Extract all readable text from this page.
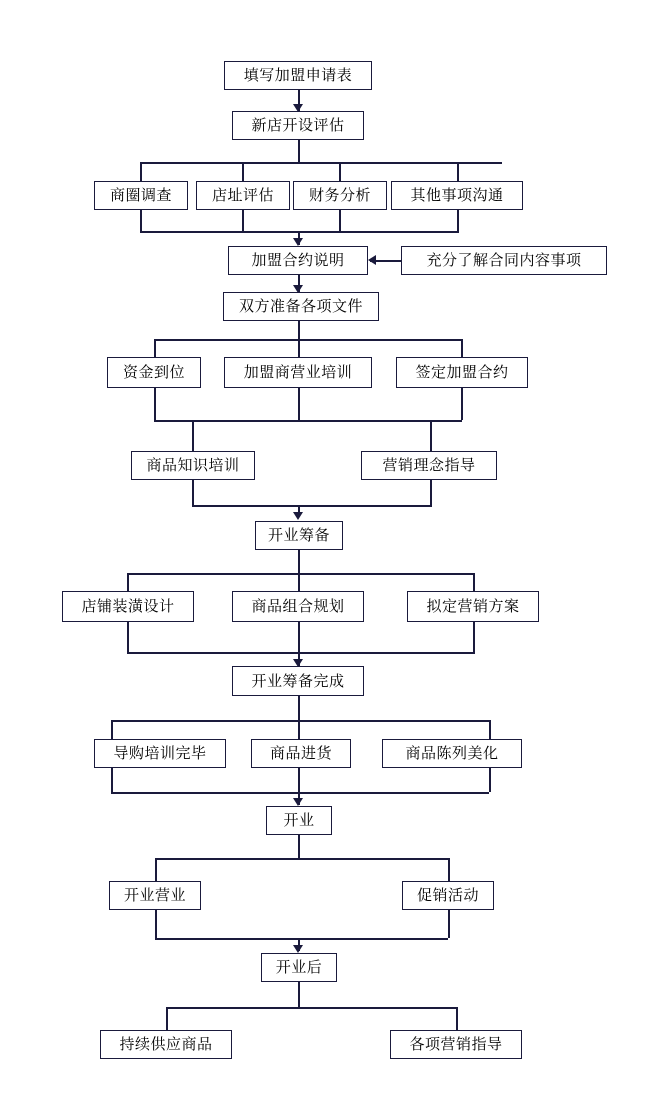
填写加盟申请表
新店开设评估
商圈调查	店址评估	财务分析	其他事项沟通
加盟合约说明	充分了解合同内容事项
双方准备各项文件
资金到位	加盟商营业培训	签定加盟合约
商品知识培训	营销理念指导
开业筹备
店铺装潢设计	商品组合规划	拟定营销方案
开业筹备完成
导购培训完毕	商品进货	商品陈列美化
开业
开业营业	促销活动
开业后
持续供应商品	各项营销指导
